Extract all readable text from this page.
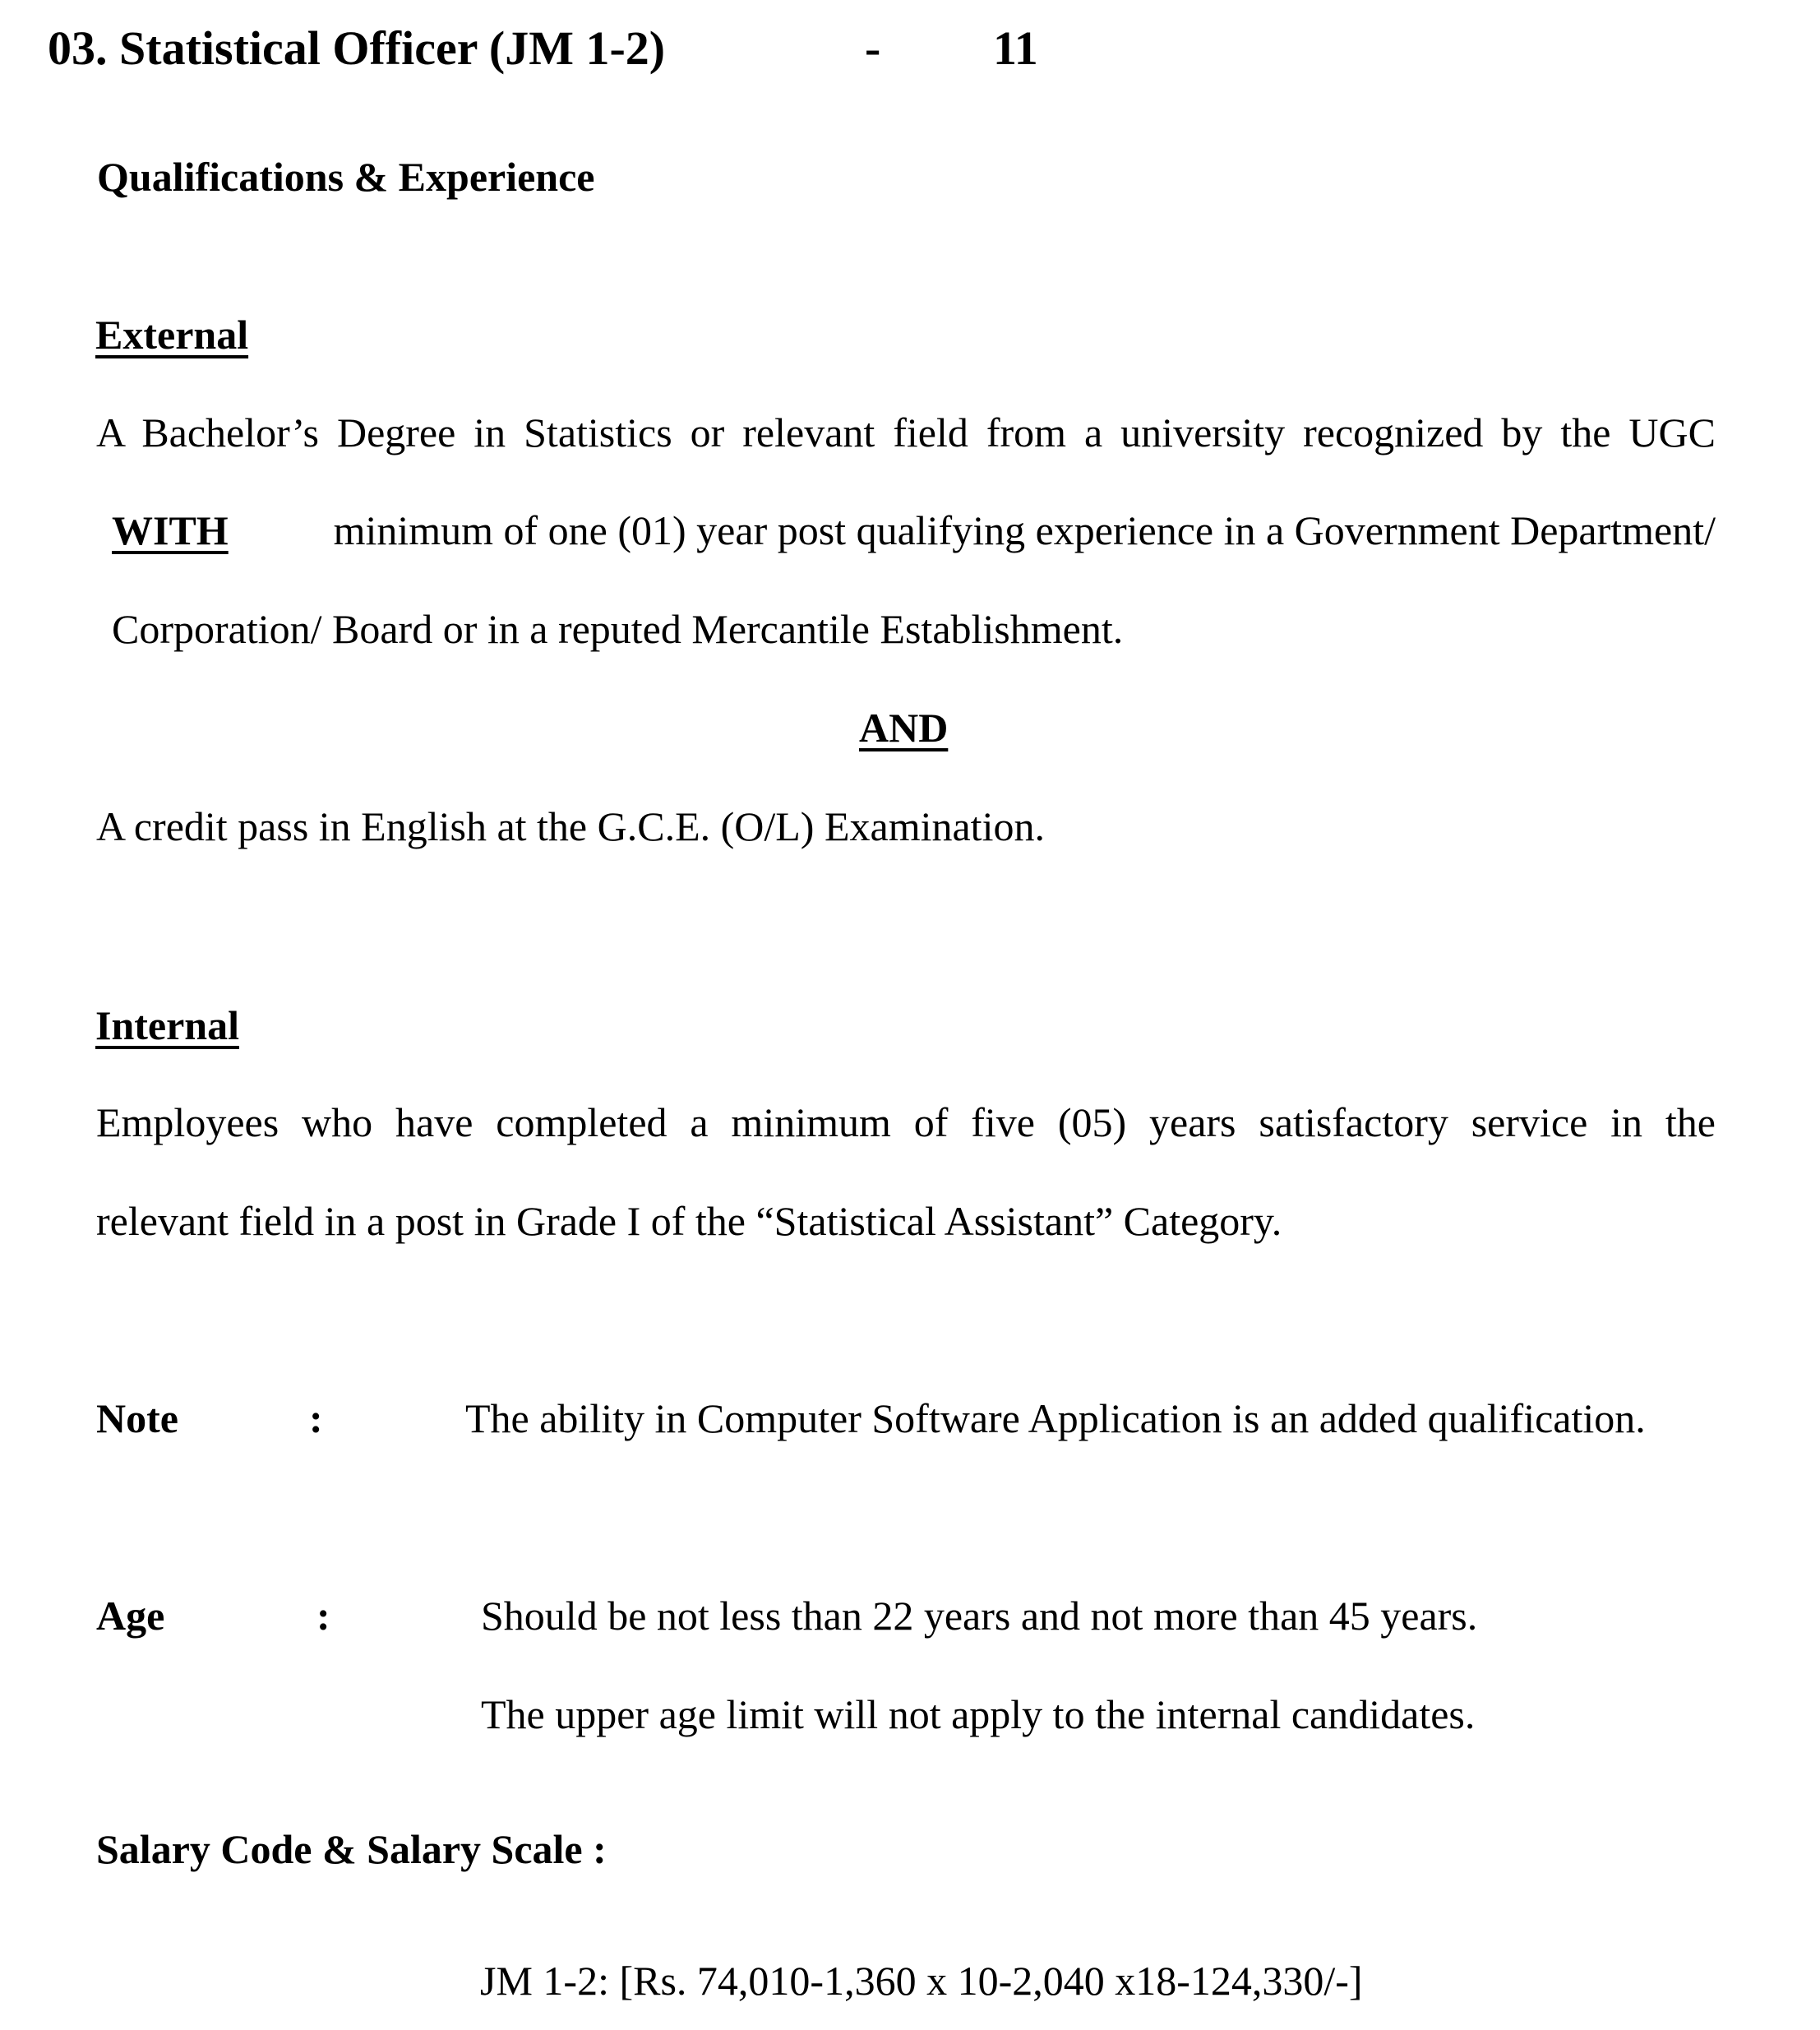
03. Statistical Officer (JM 1-2)	- 11
Qualifications & Experience
External
A Bachelor’s Degree in Statistics or relevant field from a university recognized by the UGC
WITH	minimum of one (01) year post qualifying experience in a Government Department/
Corporation/ Board or in a reputed Mercantile Establishment.
AND
A credit pass in English at the G.C.E. (O/L) Examination.
Internal
Employees who have completed a minimum of five (05) years satisfactory service in the
relevant field in a post in Grade I of the “Statistical Assistant” Category.
Note	:	The ability in Computer Software Application is an added qualification.
Age	:	Should be not less than 22 years and not more than 45 years.
The upper age limit will not apply to the internal candidates.
Salary Code & Salary Scale :
JM 1-2: [Rs. 74,010-1,360 x 10-2,040 x18-124,330/-]
